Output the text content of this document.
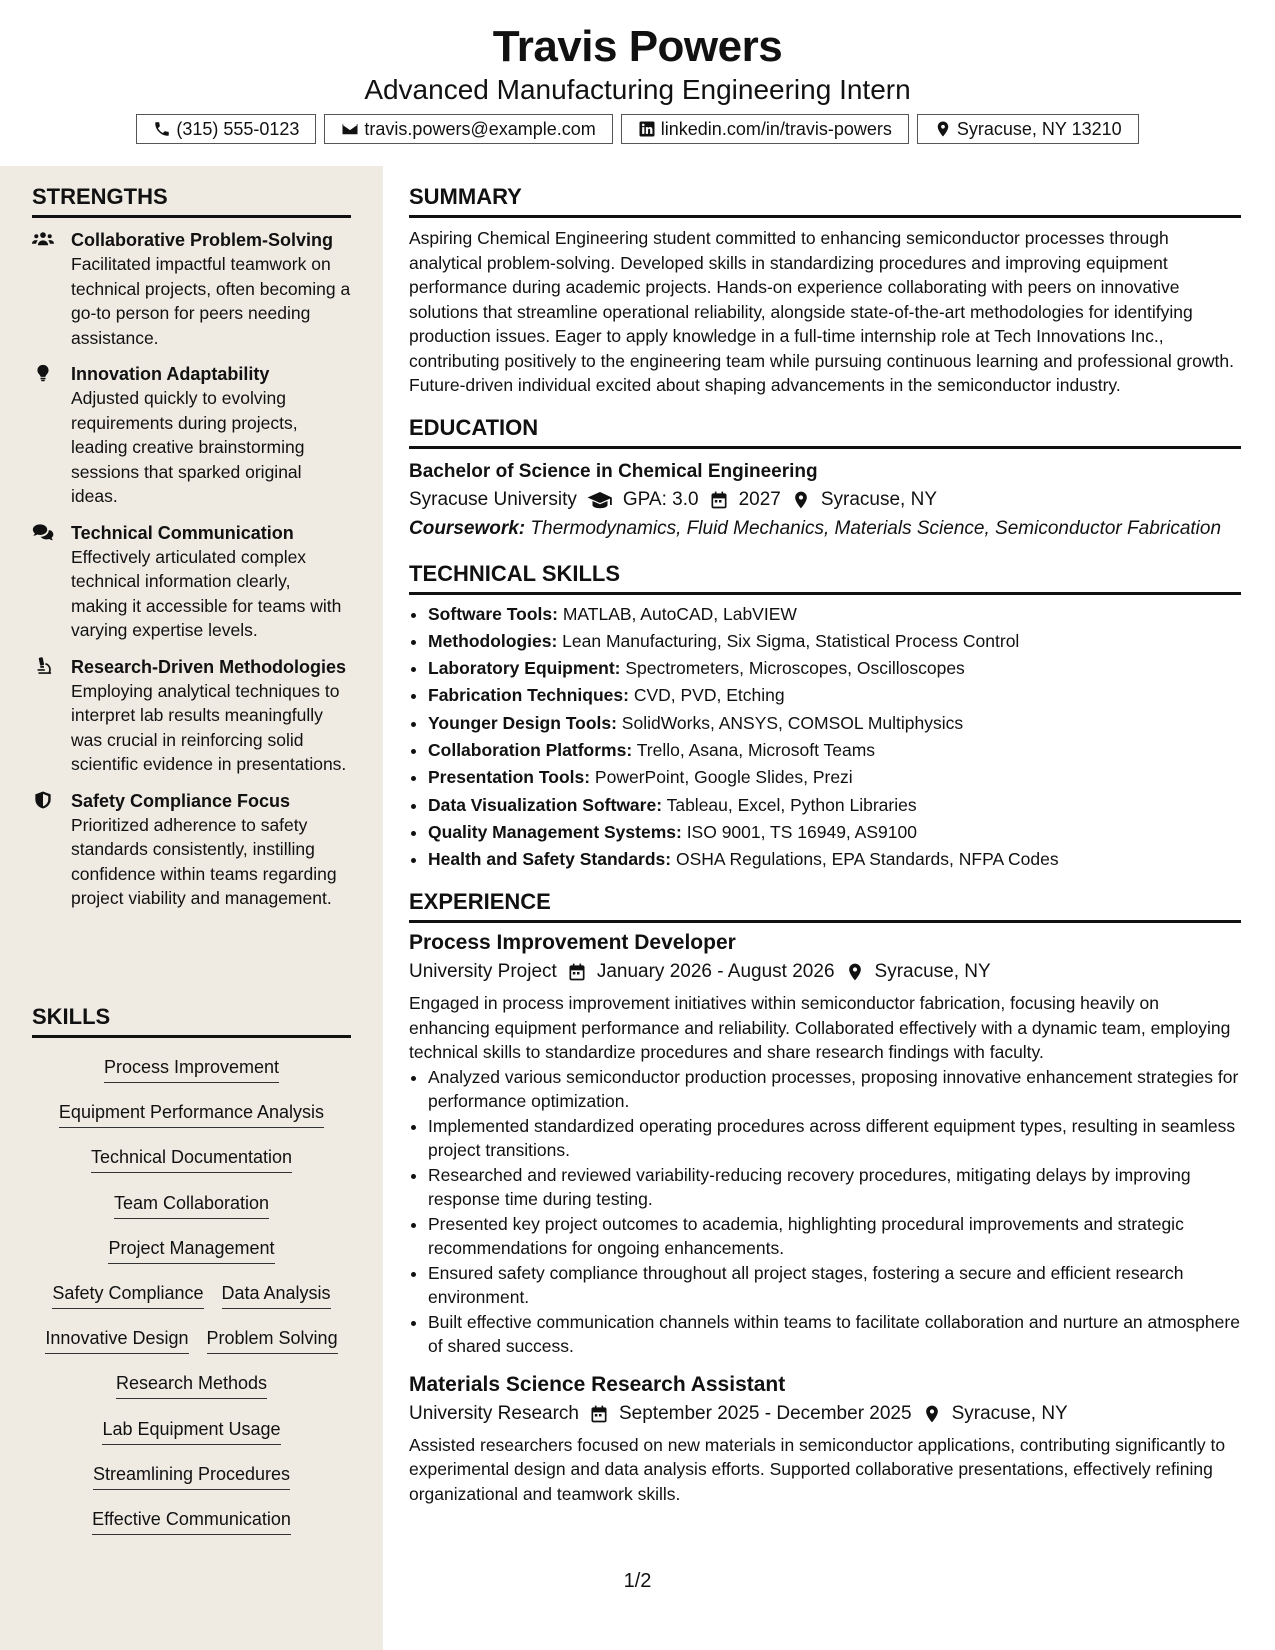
Travis Powers
Advanced Manufacturing Engineering Intern
(315) 555-0123	travis.powers@example.com	linkedin.com/in/travis-powers	Syracuse, NY 13210
STRENGTHS
Collaborative Problem-Solving
Facilitated impactful teamwork on technical projects, often becoming a go-to person for peers needing assistance.
Innovation Adaptability
Adjusted quickly to evolving requirements during projects, leading creative brainstorming sessions that sparked original ideas.
Technical Communication
Effectively articulated complex technical information clearly, making it accessible for teams with varying expertise levels.
Research-Driven Methodologies
Employing analytical techniques to interpret lab results meaningfully was crucial in reinforcing solid scientific evidence in presentations.
Safety Compliance Focus
Prioritized adherence to safety standards consistently, instilling confidence within teams regarding project viability and management.
SKILLS
Process Improvement
Equipment Performance Analysis
Technical Documentation
Team Collaboration
Project Management
Safety Compliance Data Analysis
Innovative Design Problem Solving
Research Methods
Lab Equipment Usage
Streamlining Procedures
Effective Communication
SUMMARY
Aspiring Chemical Engineering student committed to enhancing semiconductor processes through analytical problem-solving. Developed skills in standardizing procedures and improving equipment performance during academic projects. Hands-on experience collaborating with peers on innovative solutions that streamline operational reliability, alongside state-of-the-art methodologies for identifying production issues. Eager to apply knowledge in a full-time internship role at Tech Innovations Inc., contributing positively to the engineering team while pursuing continuous learning and professional growth. Future-driven individual excited about shaping advancements in the semiconductor industry.
EDUCATION
Bachelor of Science in Chemical Engineering
Syracuse University GPA: 3.0 2027 Syracuse, NY
Coursework: Thermodynamics, Fluid Mechanics, Materials Science, Semiconductor Fabrication
TECHNICAL SKILLS
• Software Tools: MATLAB, AutoCAD, LabVIEW
• Methodologies: Lean Manufacturing, Six Sigma, Statistical Process Control
• Laboratory Equipment: Spectrometers, Microscopes, Oscilloscopes
• Fabrication Techniques: CVD, PVD, Etching
• Younger Design Tools: SolidWorks, ANSYS, COMSOL Multiphysics
• Collaboration Platforms: Trello, Asana, Microsoft Teams
• Presentation Tools: PowerPoint, Google Slides, Prezi
• Data Visualization Software: Tableau, Excel, Python Libraries
• Quality Management Systems: ISO 9001, TS 16949, AS9100
• Health and Safety Standards: OSHA Regulations, EPA Standards, NFPA Codes
EXPERIENCE
Process Improvement Developer
University Project January 2026 - August 2026 Syracuse, NY
Engaged in process improvement initiatives within semiconductor fabrication, focusing heavily on enhancing equipment performance and reliability. Collaborated effectively with a dynamic team, employing technical skills to standardize procedures and share research findings with faculty.
• Analyzed various semiconductor production processes, proposing innovative enhancement strategies for performance optimization.
• Implemented standardized operating procedures across different equipment types, resulting in seamless project transitions.
• Researched and reviewed variability-reducing recovery procedures, mitigating delays by improving response time during testing.
• Presented key project outcomes to academia, highlighting procedural improvements and strategic recommendations for ongoing enhancements.
• Ensured safety compliance throughout all project stages, fostering a secure and efficient research environment.
• Built effective communication channels within teams to facilitate collaboration and nurture an atmosphere of shared success.
Materials Science Research Assistant
University Research September 2025 - December 2025 Syracuse, NY
Assisted researchers focused on new materials in semiconductor applications, contributing significantly to experimental design and data analysis efforts. Supported collaborative presentations, effectively refining organizational and teamwork skills.
1/2
